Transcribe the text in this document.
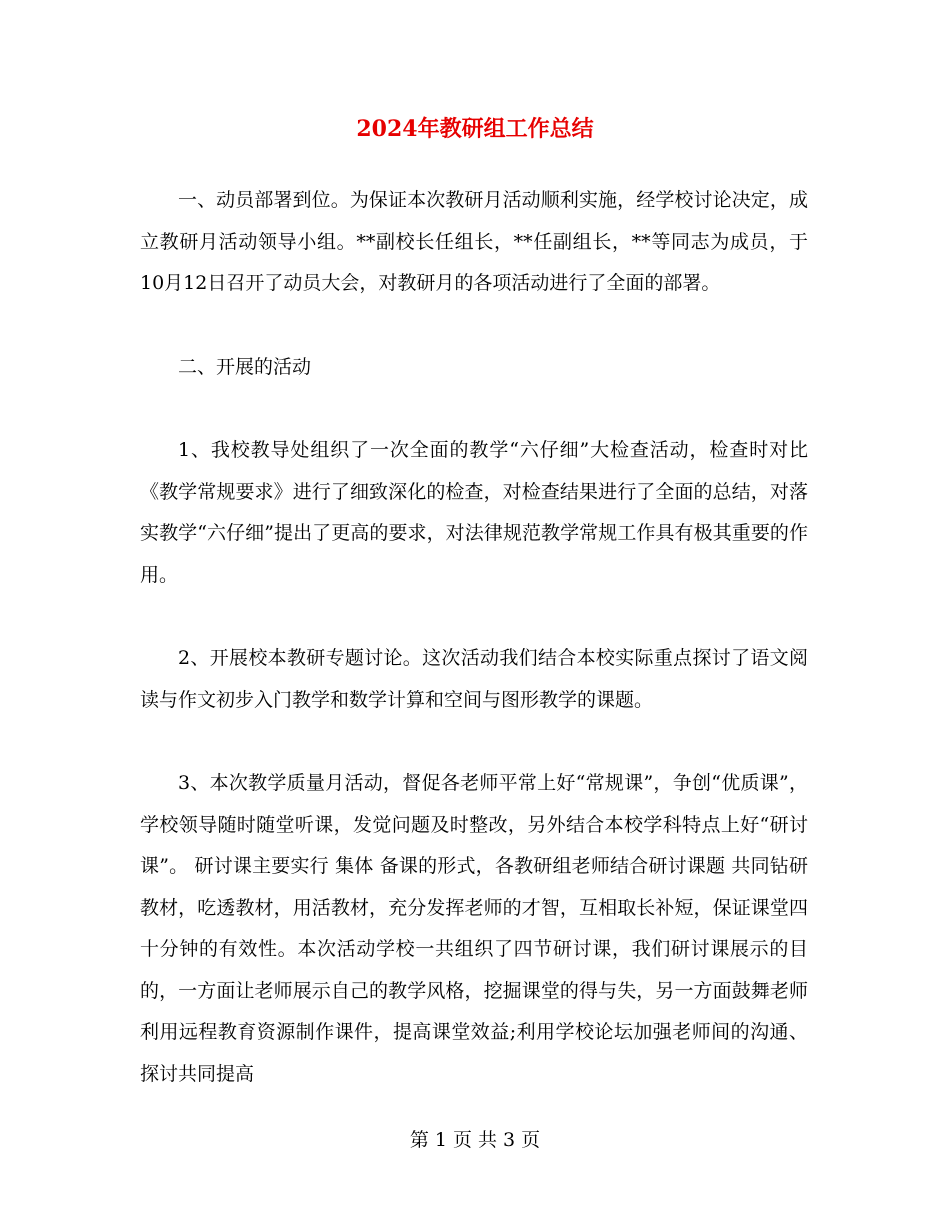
2024年教研组工作总结

一、动员部署到位。为保证本次教研月活动顺利实施，经学校讨论决定，成立教研月活动领导小组。**副校长任组长，**任副组长，**等同志为成员，于10月12日召开了动员大会，对教研月的各项活动进行了全面的部署。

二、开展的活动

1、我校教导处组织了一次全面的教学“六仔细”大检查活动，检查时对比《教学常规要求》进行了细致深化的检查，对检查结果进行了全面的总结，对落实教学“六仔细”提出了更高的要求，对法律规范教学常规工作具有极其重要的作用。

2、开展校本教研专题讨论。这次活动我们结合本校实际重点探讨了语文阅读与作文初步入门教学和数学计算和空间与图形教学的课题。

3、本次教学质量月活动，督促各老师平常上好“常规课”，争创“优质课”，学校领导随时随堂听课，发觉问题及时整改，另外结合本校学科特点上好“研讨课”。 研讨课主要实行 集体 备课的形式，各教研组老师结合研讨课题 共同钻研教材，吃透教材，用活教材，充分发挥老师的才智，互相取长补短，保证课堂四十分钟的有效性。本次活动学校一共组织了四节研讨课，我们研讨课展示的目的，一方面让老师展示自己的教学风格，挖掘课堂的得与失，另一方面鼓舞老师利用远程教育资源制作课件，提高课堂效益;利用学校论坛加强老师间的沟通、探讨共同提高

第 1 页 共 3 页
